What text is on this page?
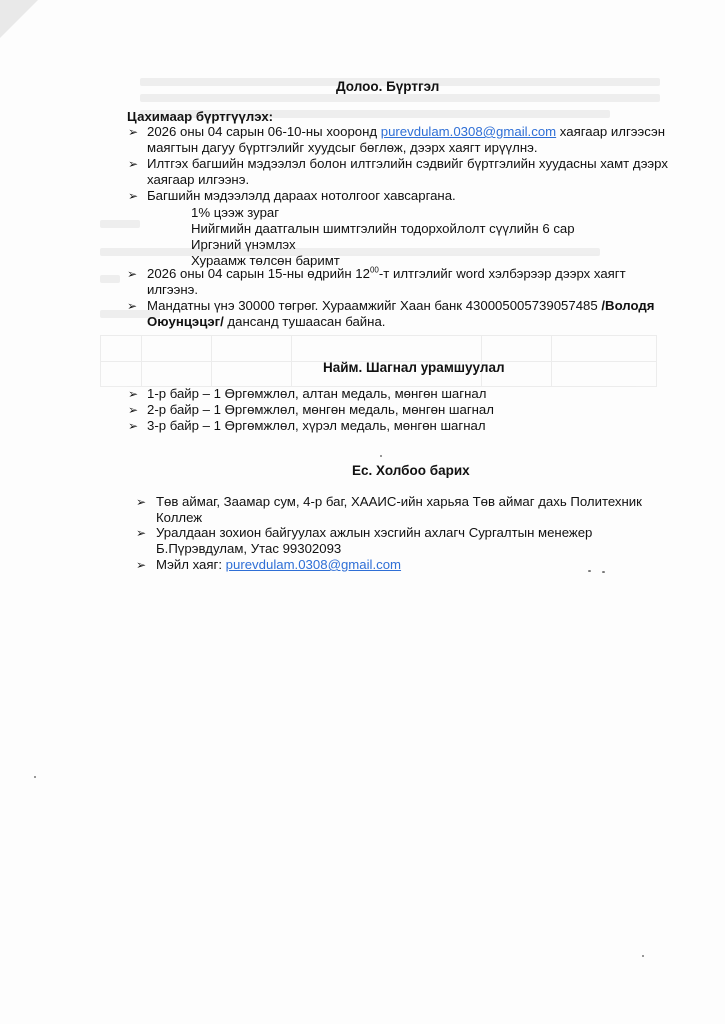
Долоо. Бүртгэл
Цахимаар бүртгүүлэх:
➢ 2026 оны 04 сарын 06-10-ны хооронд purevdulam.0308@gmail.com хаягаар илгээсэн
маягтын дагуу бүртгэлийг хуудсыг бөглөж, дээрх хаягт ирүүлнэ.
➢ Илтгэх багшийн мэдээлэл болон илтгэлийн сэдвийг бүртгэлийн хуудасны хамт дээрх
хаягаар илгээнэ.
➢ Багшийн мэдээлэлд дараах нотолгоог хавсаргана.
1% цээж зураг
Нийгмийн даатгалын шимтгэлийн тодорхойлолт сүүлийн 6 сар
Иргэний үнэмлэх
Хураамж төлсөн баримт
➢ 2026 оны 04 сарын 15-ны өдрийн $12^{00}-т$ илтгэлийг word хэлбэрээр дээрх хаягт
илгээнэ.
➢ Мандатны үнэ 30000 төгрөг. Хураамжийг Хаан банк 430005005739057485 /Володя
Оюунцэцэг/ дансанд тушаасан байна.
Найм. Шагнал урамшуулал
➢ 1-р байр – 1 Өргөмжлөл, алтан медаль, мөнгөн шагнал
➢ 2-р байр – 1 Өргөмжлөл, мөнгөн медаль, мөнгөн шагнал
➢ 3-р байр – 1 Өргөмжлөл, хүрэл медаль, мөнгөн шагнал
Ес. Холбоо барих
➢ Төв аймаг, Заамар сум, 4-р баг, ХААИС-ийн харьяа Төв аймаг дахь Политехник
Коллеж
➢ Уралдаан зохион байгуулах ажлын хэсгийн ахлагч Сургалтын менежер
Б.Пүрэвдулам, Утас 99302093
➢ Мэйл хаяг: purevdulam.0308@gmail.com
